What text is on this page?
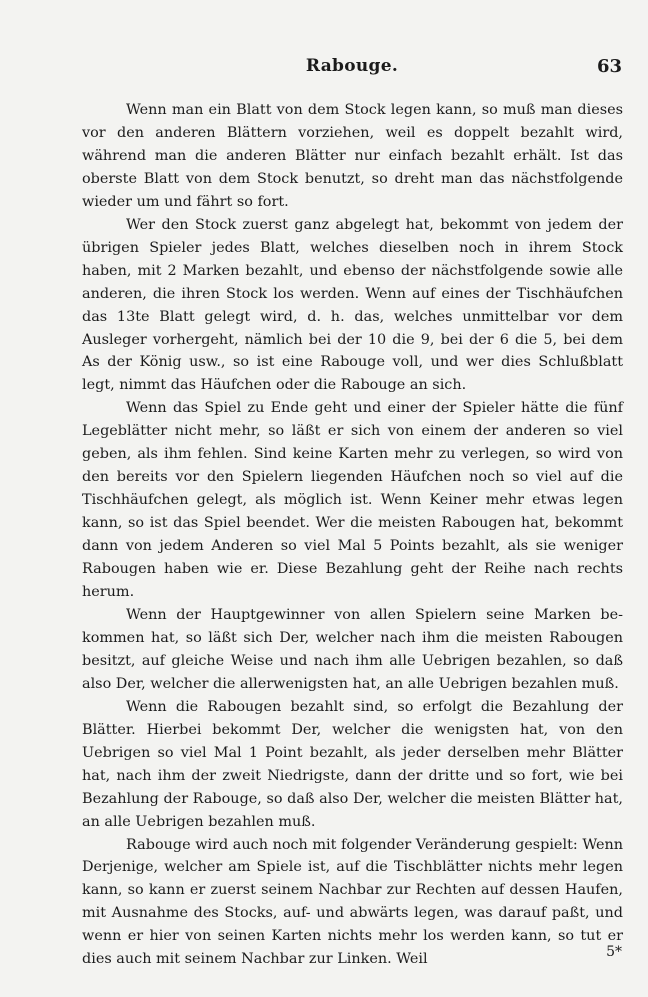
Rabouge.	63

Wenn man ein Blatt von dem Stock legen kann, so muß man dieses vor den anderen Blättern vorziehen, weil es doppelt bezahlt wird, während man die anderen Blätter nur einfach bezahlt erhält. Ist das oberste Blatt von dem Stock benutzt, so dreht man das nächstfolgende wieder um und fährt so fort.

Wer den Stock zuerst ganz abgelegt hat, bekommt von jedem der übrigen Spieler jedes Blatt, welches dieselben noch in ihrem Stock haben, mit 2 Marken bezahlt, und ebenso der nächstfolgende sowie alle anderen, die ihren Stock los werden. Wenn auf eines der Tischhäufchen das 13te Blatt gelegt wird, d. h. das, welches unmittelbar vor dem Ausleger vorhergeht, nämlich bei der 10 die 9, bei der 6 die 5, bei dem As der König usw., so ist eine Rabouge voll, und wer dies Schlußblatt legt, nimmt das Häufchen oder die Rabouge an sich.

Wenn das Spiel zu Ende geht und einer der Spieler hätte die fünf Legeblätter nicht mehr, so läßt er sich von einem der anderen so viel geben, als ihm fehlen. Sind keine Karten mehr zu verlegen, so wird von den bereits vor den Spielern liegenden Häufchen noch so viel auf die Tischhäufchen gelegt, als möglich ist. Wenn Keiner mehr etwas legen kann, so ist das Spiel beendet. Wer die meisten Rabougen hat, bekommt dann von jedem Anderen so viel Mal 5 Points bezahlt, als sie weniger Rabougen haben wie er. Diese Bezahlung geht der Reihe nach rechts herum.

Wenn der Hauptgewinner von allen Spielern seine Marken bekommen hat, so läßt sich Der, welcher nach ihm die meisten Rabougen besitzt, auf gleiche Weise und nach ihm alle Uebrigen bezahlen, so daß also Der, welcher die allerwenigsten hat, an alle Uebrigen bezahlen muß.

Wenn die Rabougen bezahlt sind, so erfolgt die Bezahlung der Blätter. Hierbei bekommt Der, welcher die wenigsten hat, von den Uebrigen so viel Mal 1 Point bezahlt, als jeder derselben mehr Blätter hat, nach ihm der zweit Niedrigste, dann der dritte und so fort, wie bei Bezahlung der Rabouge, so daß also Der, welcher die meisten Blätter hat, an alle Uebrigen bezahlen muß.

Rabouge wird auch noch mit folgender Veränderung gespielt: Wenn Derjenige, welcher am Spiele ist, auf die Tischblätter nichts mehr legen kann, so kann er zuerst seinem Nachbar zur Rechten auf dessen Haufen, mit Ausnahme des Stocks, auf- und abwärts legen, was darauf paßt, und wenn er hier von seinen Karten nichts mehr los werden kann, so tut er dies auch mit seinem Nachbar zur Linken. Weil	5*
